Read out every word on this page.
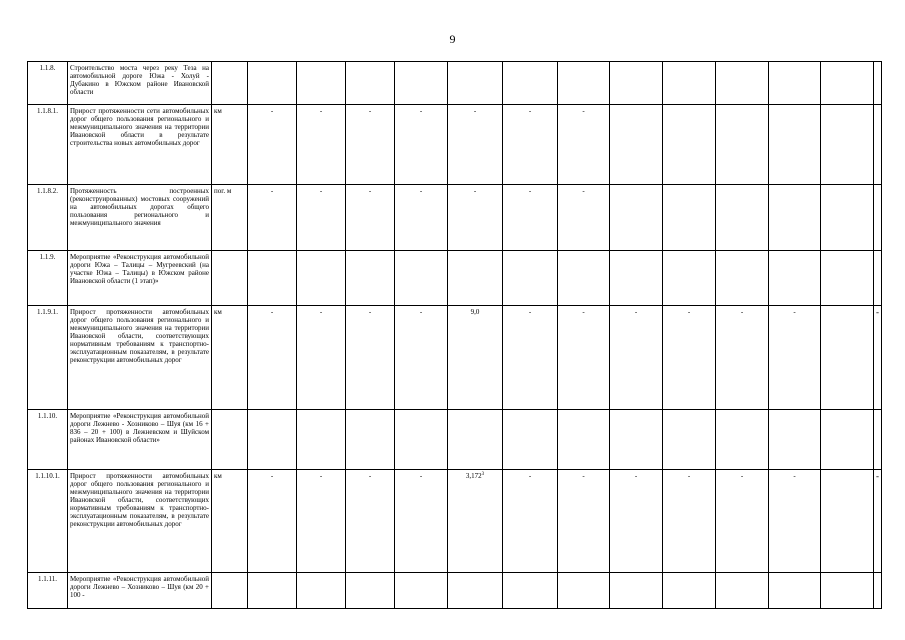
9
1.1.8.	Строительство моста через реку Теза на автомобильной дороге Южа - Холуй - Дубакино в Южском районе Ивановской области														
1.1.8.1.	Прирост протяженности сети автомобильных дорог общего пользования регионального и межмуниципального значения на территории Ивановской области в результате строительства новых автомобильных дорог	км	-	-	-	-	-	-	-						
1.1.8.2.	Протяженность построенных (реконструированных) мостовых сооружений на автомобильных дорогах общего пользования регионального и межмуниципального значения	пог. м	-	-	-	-	-	-	-						
1.1.9.	Мероприятие «Реконструкция автомобильной дороги Южа – Талицы – Мугреевский (на участке Южа – Талицы) в Южском районе Ивановской области (1 этап)»														
1.1.9.1.	Прирост протяженности автомобильных дорог общего пользования регионального и межмуниципального значения на территории Ивановской области, соответствующих нормативным требованиям к транспортно-эксплуатационным показателям, в результате реконструкции автомобильных дорог	км	-	-	-	-	9,0	-	-	-	-	-	-		-
1.1.10.	Мероприятие «Реконструкция автомобильной дороги Лежнево - Хозниково – Шуя (км 16 + 836 – 20 + 100) в Лежневском и Шуйском районах Ивановской области»														
1.1.10.1.	Прирост протяженности автомобильных дорог общего пользования регионального и межмуниципального значения на территории Ивановской области, соответствующих нормативным требованиям к транспортно-эксплуатационным показателям, в результате реконструкции автомобильных дорог	км	-	-	-	-	3,172$^3$	-	-	-	-	-	-		-
1.1.11.	Мероприятие «Реконструкция автомобильной дороги Лежнево – Хозниково – Шуя (км 20 + 100 -														
